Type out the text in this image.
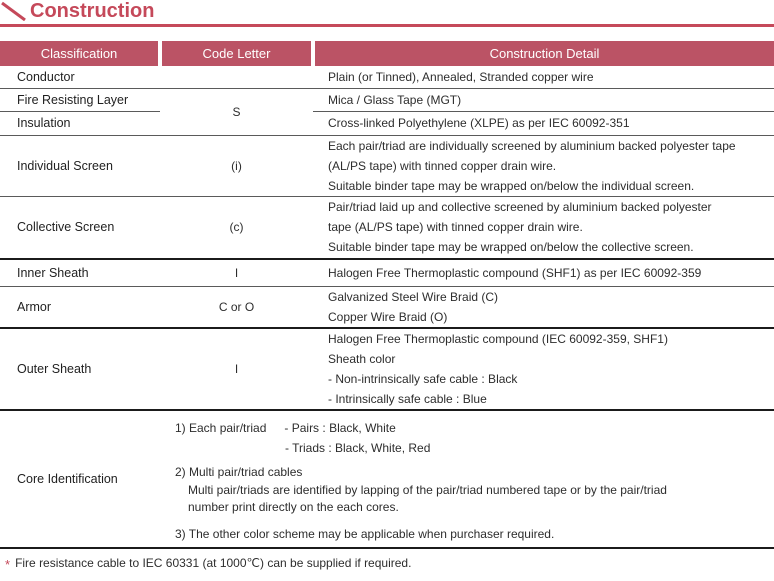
Construction
Classification	Code Letter	Construction Detail
Conductor		Plain (or Tinned), Annealed, Stranded copper wire
Fire Resisting Layer	S	Mica / Glass Tape (MGT)
Insulation		Cross-linked Polyethylene (XLPE) as per IEC 60092-351
Individual Screen	(i)	Each pair/triad are individually screened by aluminium backed polyester tape
(AL/PS tape) with tinned copper drain wire.
Suitable binder tape may be wrapped on/below the individual screen.

Collective Screen	(c)	Pair/triad laid up and collective screened by aluminium backed polyester
tape (AL/PS tape) with tinned copper drain wire.
Suitable binder tape may be wrapped on/below the collective screen.

Inner Sheath	I	Halogen Free Thermoplastic compound (SHF1) as per IEC 60092-359
Armor	C or O	Galvanized Steel Wire Braid (C)
Copper Wire Braid (O)

Outer Sheath	I	Halogen Free Thermoplastic compound (IEC 60092-359, SHF1)
Sheath color
- Non-intrinsically safe cable : Black
- Intrinsically safe cable : Blue

Core Identification	
1) Each pair/triad - Pairs : Black, White
- Triads : Black, White, Red
2) Multi pair/triad cables
Multi pair/triads are identified by lapping of the pair/triad numbered tape or by the pair/triad
number print directly on the each cores.
3) The other color scheme may be applicable when purchaser required.
* Fire resistance cable to IEC 60331 (at 1000℃) can be supplied if required.
